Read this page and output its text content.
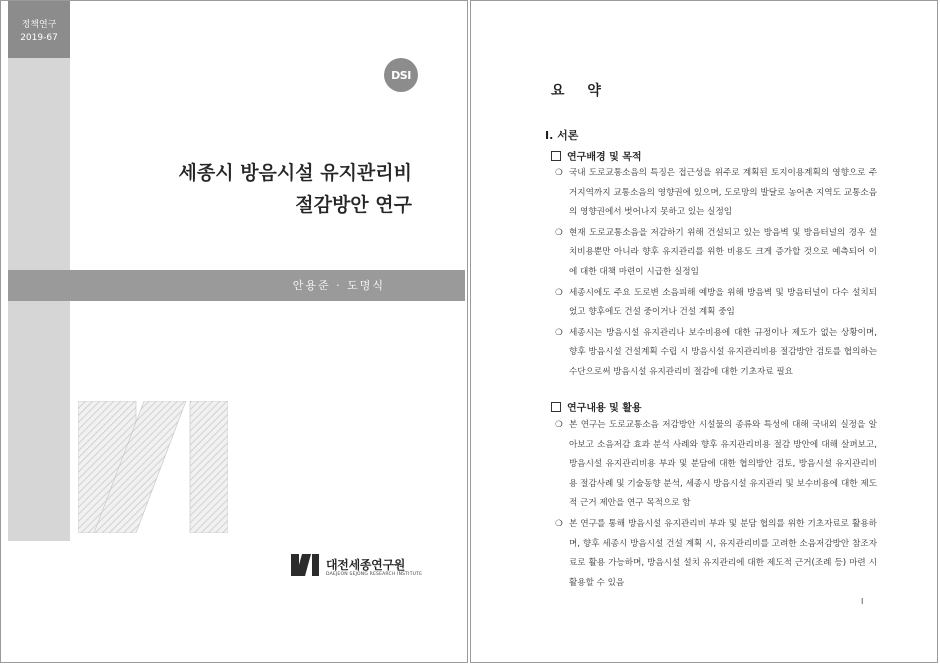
정책연구
2019-67
DSI
세종시 방음시설 유지관리비
절감방안 연구
안용준 · 도명식
대전세종연구원
DAEJEON SEJONG RESEARCH INSTITUTE
요 약
I. 서론
연구배경 및 목적
❍ 국내 도로교통소음의 특징은 접근성을 위주로 계획된 토지이용계획의 영향으로 주거지역까지 교통소음의 영향권에 있으며, 도로망의 발달로 농어촌 지역도 교통소음의 영향권에서 벗어나지 못하고 있는 실정임
❍ 현재 도로교통소음을 저감하기 위해 건설되고 있는 방음벽 및 방음터널의 경우 설치비용뿐만 아니라 향후 유지관리를 위한 비용도 크게 증가할 것으로 예측되어 이에 대한 대책 마련이 시급한 실정임
❍ 세종시에도 주요 도로변 소음피해 예방을 위해 방음벽 및 방음터널이 다수 설치되었고 향후에도 건설 중이거나 건설 계획 중임
❍ 세종시는 방음시설 유지관리나 보수비용에 대한 규정이나 제도가 없는 상황이며, 향후 방음시설 건설계획 수립 시 방음시설 유지관리비용 절감방안 검토를 협의하는 수단으로써 방음시설 유지관리비 절감에 대한 기초자료 필요
연구내용 및 활용
❍ 본 연구는 도로교통소음 저감방안 시설물의 종류와 특성에 대해 국내외 실정을 알아보고 소음저감 효과 분석 사례와 향후 유지관리비용 절감 방안에 대해 살펴보고, 방음시설 유지관리비용 부과 및 분담에 대한 협의방안 검토, 방음시설 유지관리비용 절감사례 및 기술동향 분석, 세종시 방음시설 유지관리 및 보수비용에 대한 제도적 근거 제안을 연구 목적으로 함
❍ 본 연구를 통해 방음시설 유지관리비 부과 및 분담 협의를 위한 기초자료로 활용하며, 향후 세종시 방음시설 건설 계획 시, 유지관리비를 고려한 소음저감방안 참조자료로 활용 가능하며, 방음시설 설치 유지관리에 대한 제도적 근거(조례 등) 마련 시 활용할 수 있음
I
